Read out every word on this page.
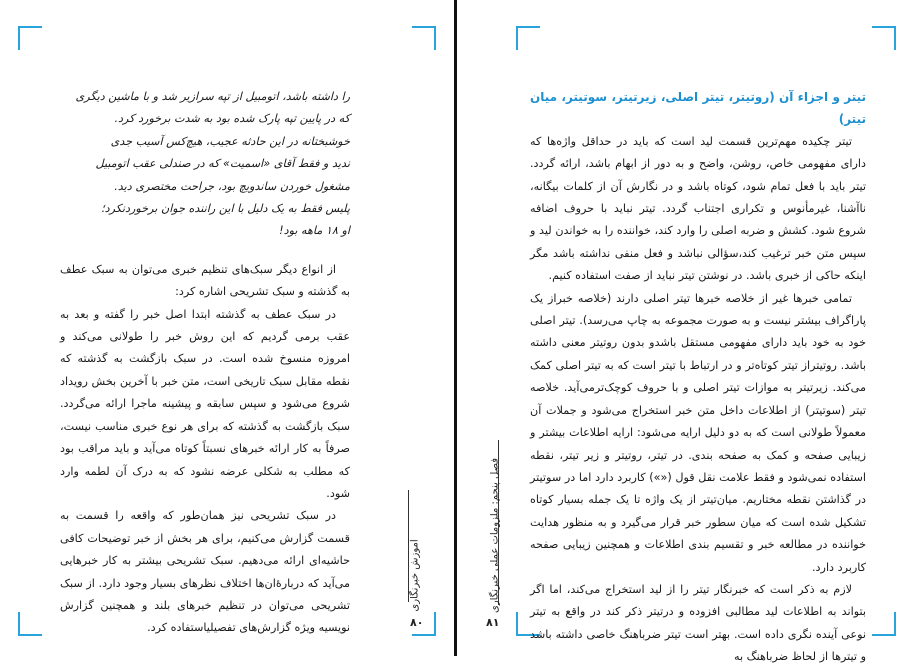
را داشته باشد، اتومبیل از تپه سرازیر شد و با ماشین دیگری

که در پایین تپه پارک شده بود به شدت برخورد کرد.

خوشبختانه در این حادثه عجیب، هیچ‌کس آسیب جدی

ندید و فقط آقای «اسمیت» که در صندلی عقب اتومبیل

مشغول خوردن ساندویچ بود، جراحت مختصری دید.

پلیس فقط به یک دلیل با این راننده جوان برخوردنکرد؛

او ۱۸ ماهه بود!

از انواع دیگر سبک‌های تنظیم خبری می‌توان به سبک عطف به گذشته و سبک تشریحی اشاره کرد:

در سبک عطف به گذشته ابتدا اصل خبر را گفته و بعد به عقب برمی گردیم که این روش خبر را طولانی می‌کند و امروزه منسوخ شده است. در سبک بازگشت به گذشته که نقطه مقابل سبک تاریخی است، متن خبر با آخرین بخش رویداد شروع می‌شود و سپس سابقه و پیشینه ماجرا ارائه می‌گردد. سبک بازگشت به گذشته که برای هر نوع خبری مناسب نیست، صرفاً به کار ارائه خبرهای نسبتاً کوتاه می‌آید و باید مراقب بود که مطلب به شکلی عرضه نشود که به درک آن لطمه وارد شود.

در سبک تشریحی نیز همان‌طور که واقعه را قسمت به قسمت گزارش می‌کنیم، برای هر بخش از خبر توضیحات کافی حاشیه‌ای ارائه می‌دهیم. سبک تشریحی بیشتر به کار خبرهایی می‌آید که دربارهٔ‌ان‌ها اختلاف نظرهای بسیار وجود دارد. از سبک تشریحی می‌توان در تنظیم خبرهای بلند و همچنین گزارش نویسیه ویژه گزارش‌های تفصیلیاستفاده کرد.

آموزش خبرنگاری
۸۰
فصل پنجم: ملزومات عملی خبرنگاری
۸۱

تیتر و اجزاء آن (روتیتر، تیتر اصلی، زیرتیتر، سوتیتر، میان تیتر)

تیتر چکیده مهم‌ترین قسمت لید است که باید در حداقل واژه‌ها که دارای مفهومی خاص، روشن، واضح و به دور از ابهام باشد، ارائه گردد. تیتر باید با فعل تمام شود، کوتاه باشد و در نگارش آن از کلمات بیگانه، ناآشنا، غیرمأنوس و تکراری اجتناب گردد. تیتر نباید با حروف اضافه شروع شود. کشش و ضربه اصلی را وارد کند، خواننده را به خواندن لید و سپس متن خبر ترغیب کند،سؤالی نباشد و فعل منفی نداشته باشد مگر اینکه حاکی از خبری باشد. در نوشتن تیتر نباید از صفت استفاده کنیم.

تمامی خبرها غیر از خلاصه خبرها تیتر اصلی دارند (خلاصه خبراز یک پاراگراف بیشتر نیست و به صورت مجموعه به چاپ می‌رسد). تیتر اصلی خود به خود باید دارای مفهومی مستقل باشدو بدون روتیتر معنی داشته باشد. روتیتراز تیتر کوتاه‌تر و در ارتباط با تیتر است که به تیتر اصلی کمک می‌کند. زیرتیتر به موازات تیتر اصلی و با حروف کوچک‌ترمی‌آید. خلاصه تیتر (سوتیتر) از اطلاعات داخل متن خبر استخراج می‌شود و جملات آن معمولاً طولانی است که به دو دلیل ارایه می‌شود: ارایه اطلاعات بیشتر و زیبایی صفحه و کمک به صفحه بندی. در تیتر، روتیتر و زیر تیتر، نقطه استفاده نمی‌شود و فقط علامت نقل قول («») کاربرد دارد اما در سوتیتر در گذاشتن نقطه مختاریم. میان‌تیتر از یک واژه تا یک جمله بسیار کوتاه تشکیل شده است که میان سطور خبر قرار می‌گیرد و به منظور هدایت خواننده در مطالعه خبر و تقسیم بندی اطلاعات و همچنین زیبایی صفحه کاربرد دارد.

لازم به ذکر است که خبرنگار تیتر را از لید استخراج می‌کند، اما اگر بتواند به اطلاعات لید مطالبی افزوده و درتیتر ذکر کند در واقع به تیتر نوعی آینده نگری داده است. بهتر است تیتر ضرباهنگ خاصی داشته باشد و تیترها از لحاظ ضرباهنگ به
